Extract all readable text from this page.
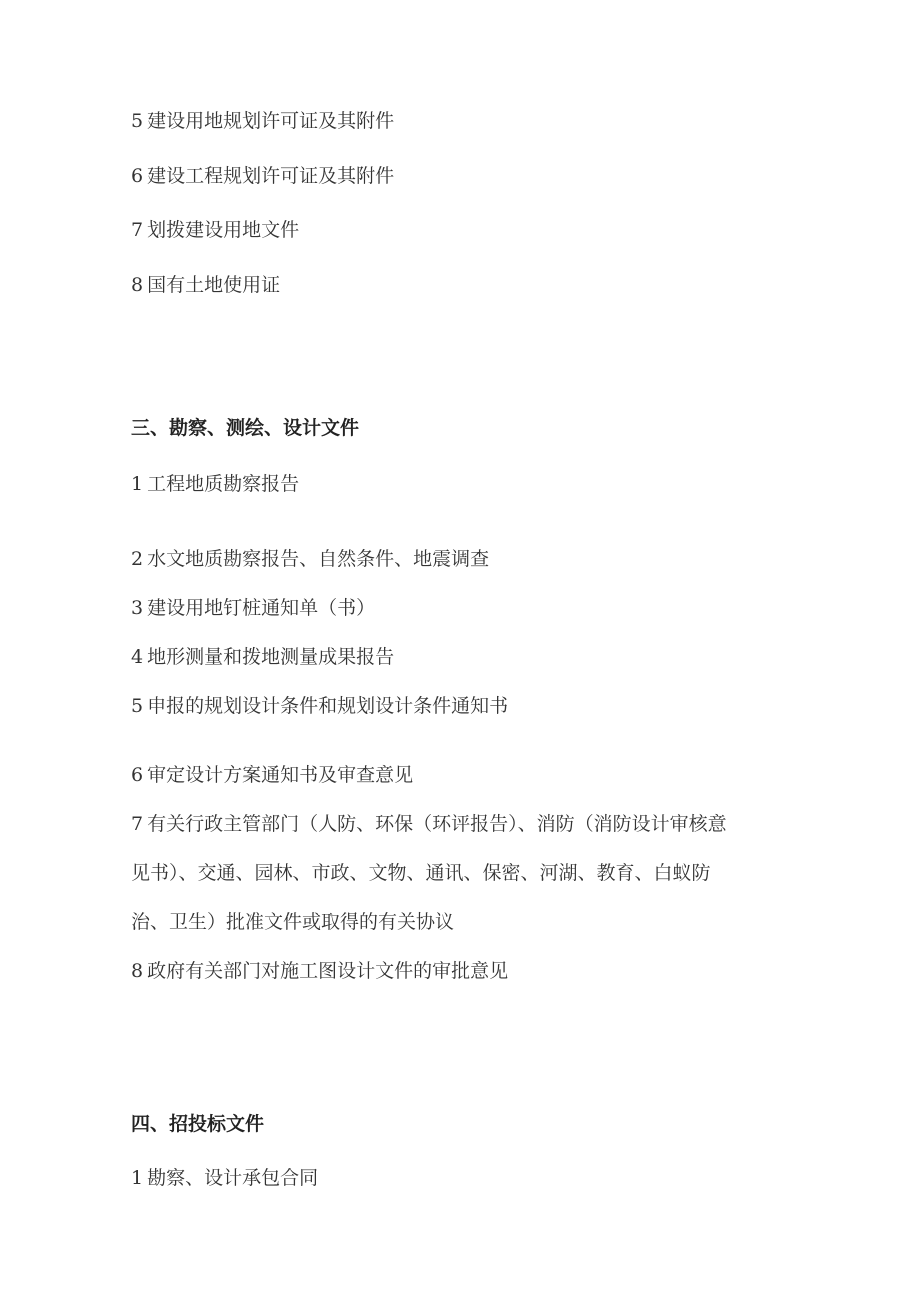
5 建设用地规划许可证及其附件
6 建设工程规划许可证及其附件
7 划拨建设用地文件
8 国有土地使用证
三、勘察、测绘、设计文件
1 工程地质勘察报告
2 水文地质勘察报告、自然条件、地震调查
3 建设用地钉桩通知单（书）
4 地形测量和拨地测量成果报告
5 申报的规划设计条件和规划设计条件通知书
6 审定设计方案通知书及审查意见
7 有关行政主管部门（人防、环保（环评报告）、消防（消防设计审核意
见书）、交通、园林、市政、文物、通讯、保密、河湖、教育、白蚁防
治、卫生）批准文件或取得的有关协议
8 政府有关部门对施工图设计文件的审批意见
四、招投标文件
1 勘察、设计承包合同
